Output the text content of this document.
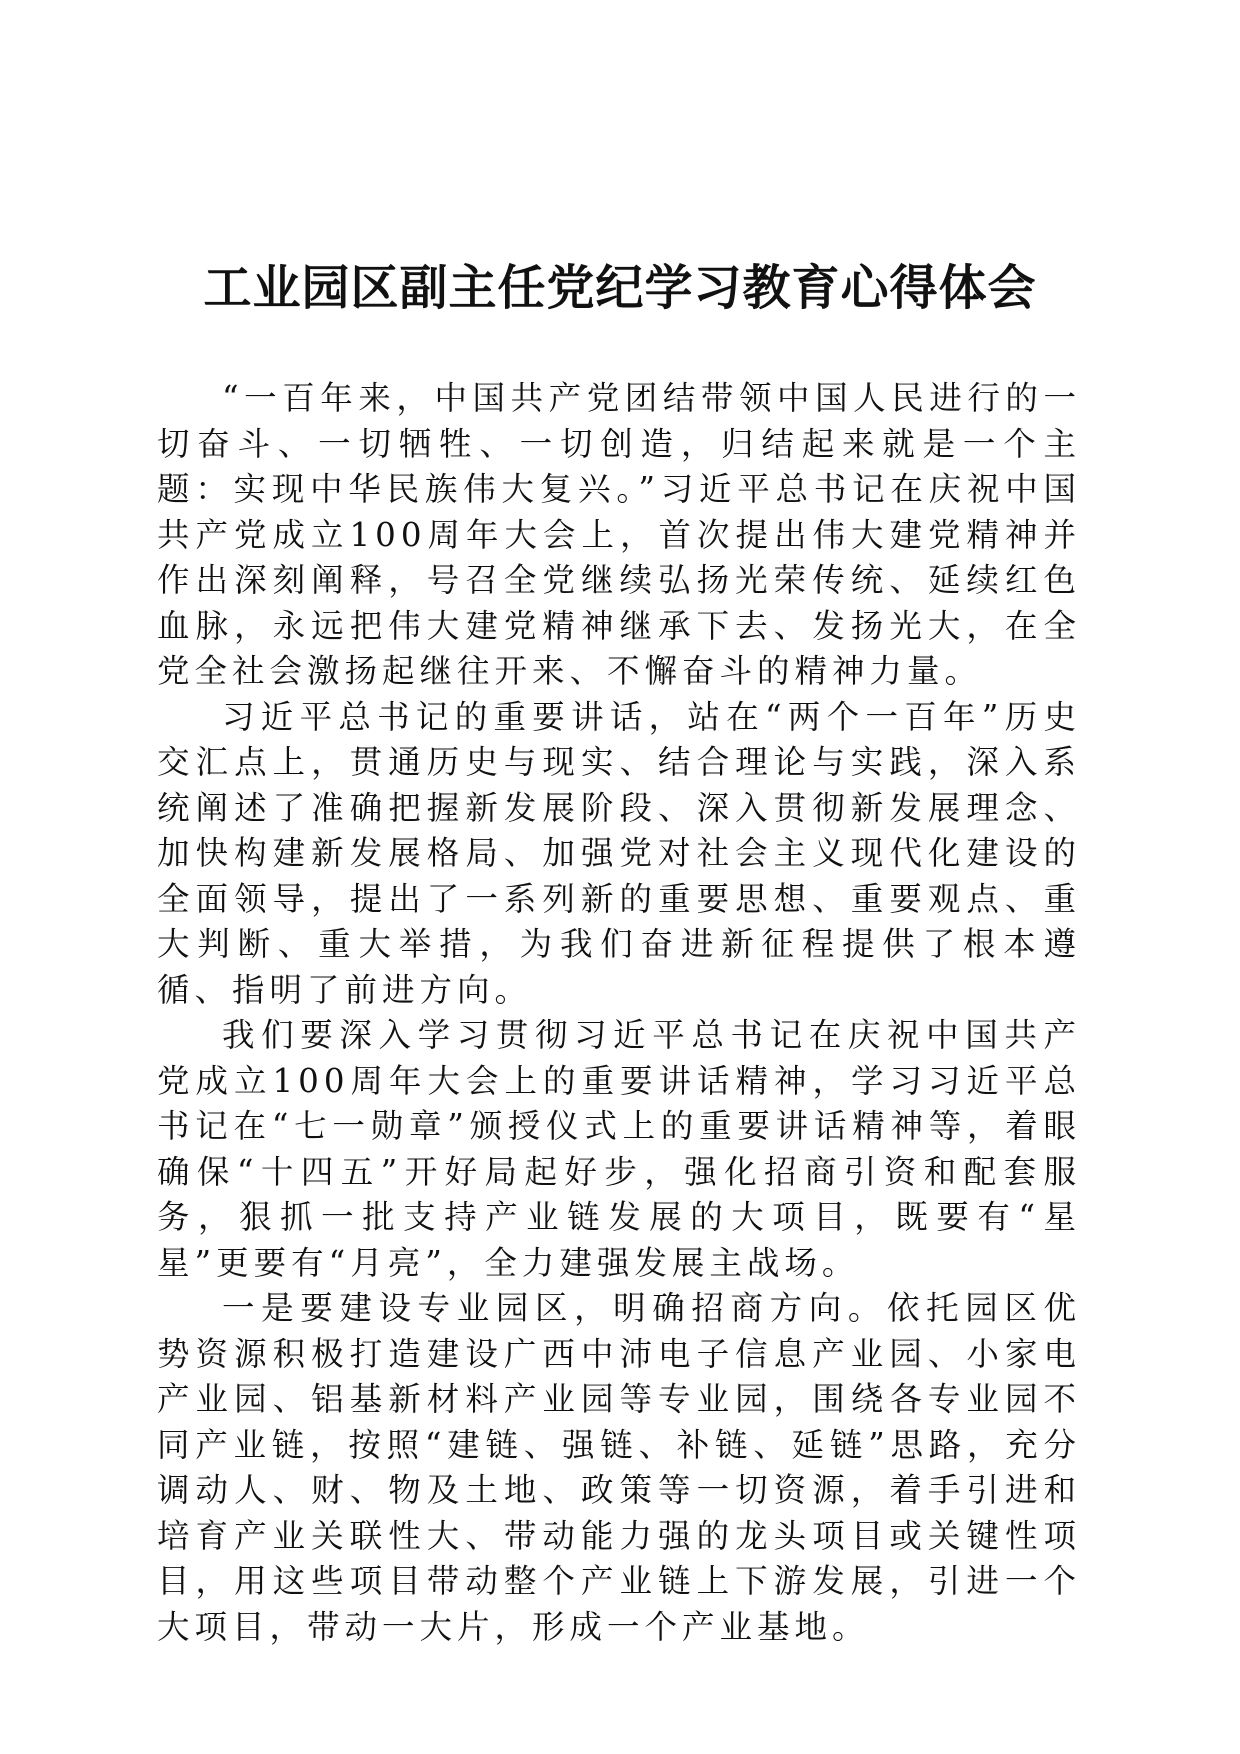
工业园区副主任党纪学习教育心得体会

“一百年来，中国共产党团结带领中国人民进行的一切奋斗、一切牺牲、一切创造，归结起来就是一个主题：实现中华民族伟大复兴。”习近平总书记在庆祝中国共产党成立100周年大会上，首次提出伟大建党精神并作出深刻阐释，号召全党继续弘扬光荣传统、延续红色血脉，永远把伟大建党精神继承下去、发扬光大，在全党全社会激扬起继往开来、不懈奋斗的精神力量。

习近平总书记的重要讲话，站在“两个一百年”历史交汇点上，贯通历史与现实、结合理论与实践，深入系统阐述了准确把握新发展阶段、深入贯彻新发展理念、加快构建新发展格局、加强党对社会主义现代化建设的全面领导，提出了一系列新的重要思想、重要观点、重大判断、重大举措，为我们奋进新征程提供了根本遵循、指明了前进方向。

我们要深入学习贯彻习近平总书记在庆祝中国共产党成立100周年大会上的重要讲话精神，学习习近平总书记在“七一勋章”颁授仪式上的重要讲话精神等，着眼确保“十四五”开好局起好步，强化招商引资和配套服务，狠抓一批支持产业链发展的大项目，既要有“星星”更要有“月亮”，全力建强发展主战场。

一是要建设专业园区，明确招商方向。依托园区优势资源积极打造建设广西中沛电子信息产业园、小家电产业园、铝基新材料产业园等专业园，围绕各专业园不同产业链，按照“建链、强链、补链、延链”思路，充分调动人、财、物及土地、政策等一切资源，着手引进和培育产业关联性大、带动能力强的龙头项目或关键性项目，用这些项目带动整个产业链上下游发展，引进一个大项目，带动一大片，形成一个产业基地。
